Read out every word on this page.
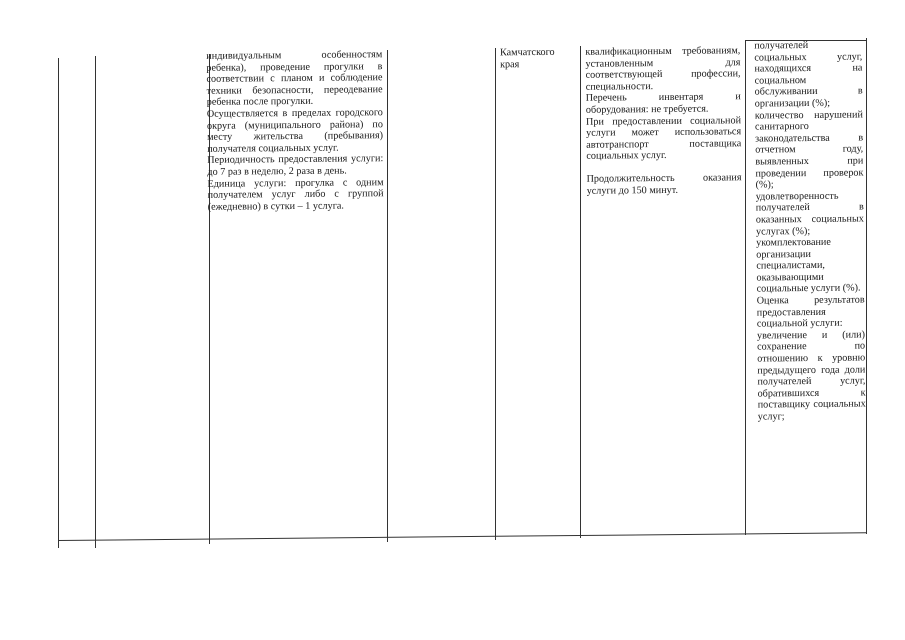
индивидуальным особенностям ребенка), проведение прогулки в соответствии с планом и соблюдение техники безопасности, переодевание ребенка после прогулки.

Осуществляется в пределах городского округа (муниципального района) по месту жительства (пребывания) получателя социальных услуг.

Периодичность предоставления услуги: до 7 раз в неделю, 2 раза в день.

Единица услуги: прогулка с одним получателем услуг либо с группой (ежедневно) в сутки – 1 услуга.

Камчатского края

квалификационным требованиям, установленным для соответствующей профессии, специальности.

Перечень инвентаря и оборудования: не требуется.

При предоставлении социальной услуги может использоваться автотранспорт поставщика социальных услуг.

Продолжительность оказания услуги до 150 минут.

получателей социальных услуг, находящихся на социальном обслуживании в организации (%);

количество нарушений санитарного законодательства в отчетном году, выявленных при проведении проверок (%);

удовлетворенность получателей в оказанных социальных услугах (%);

укомплектование организации специалистами, оказывающими социальные услуги (%).

Оценка результатов предоставления социальной услуги:

увеличение и (или) сохранение по отношению к уровню предыдущего года доли получателей услуг, обратившихся к поставщику социальных услуг;
